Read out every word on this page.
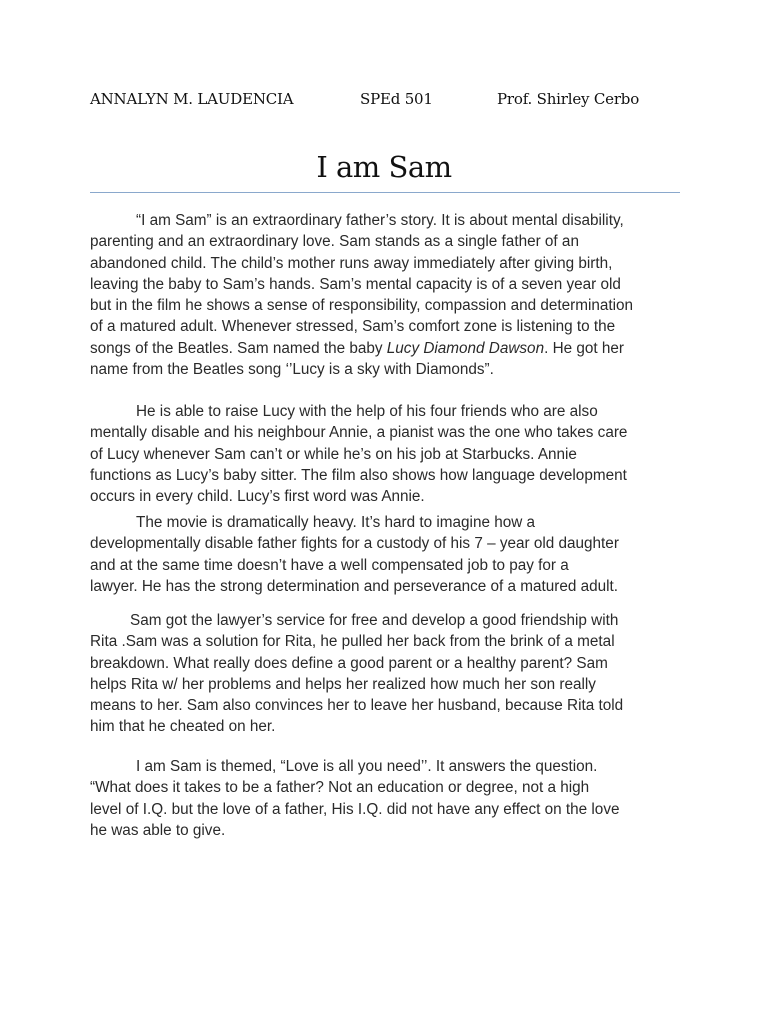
ANNALYN M. LAUDENCIA	SPEd 501	Prof. Shirley Cerbo
I am Sam
“I am Sam” is an extraordinary father’s story. It is about mental disability,
parenting and an extraordinary love. Sam stands as a single father of an
abandoned child. The child’s mother runs away immediately after giving birth,
leaving the baby to Sam’s hands. Sam’s mental capacity is of a seven year old
but in the film he shows a sense of responsibility, compassion and determination
of a matured adult. Whenever stressed, Sam’s comfort zone is listening to the
songs of the Beatles. Sam named the baby Lucy Diamond Dawson. He got her
name from the Beatles song ‘’Lucy is a sky with Diamonds”.
He is able to raise Lucy with the help of his four friends who are also
mentally disable and his neighbour Annie, a pianist was the one who takes care
of Lucy whenever Sam can’t or while he’s on his job at Starbucks. Annie
functions as Lucy’s baby sitter. The film also shows how language development
occurs in every child. Lucy’s first word was Annie.
The movie is dramatically heavy. It’s hard to imagine how a
developmentally disable father fights for a custody of his 7 – year old daughter
and at the same time doesn’t have a well compensated job to pay for a
lawyer. He has the strong determination and perseverance of a matured adult.
Sam got the lawyer’s service for free and develop a good friendship with
Rita .Sam was a solution for Rita, he pulled her back from the brink of a metal
breakdown. What really does define a good parent or a healthy parent? Sam
helps Rita w/ her problems and helps her realized how much her son really
means to her. Sam also convinces her to leave her husband, because Rita told
him that he cheated on her.
I am Sam is themed, “Love is all you need’’. It answers the question.
“What does it takes to be a father? Not an education or degree, not a high
level of I.Q. but the love of a father, His I.Q. did not have any effect on the love
he was able to give.
